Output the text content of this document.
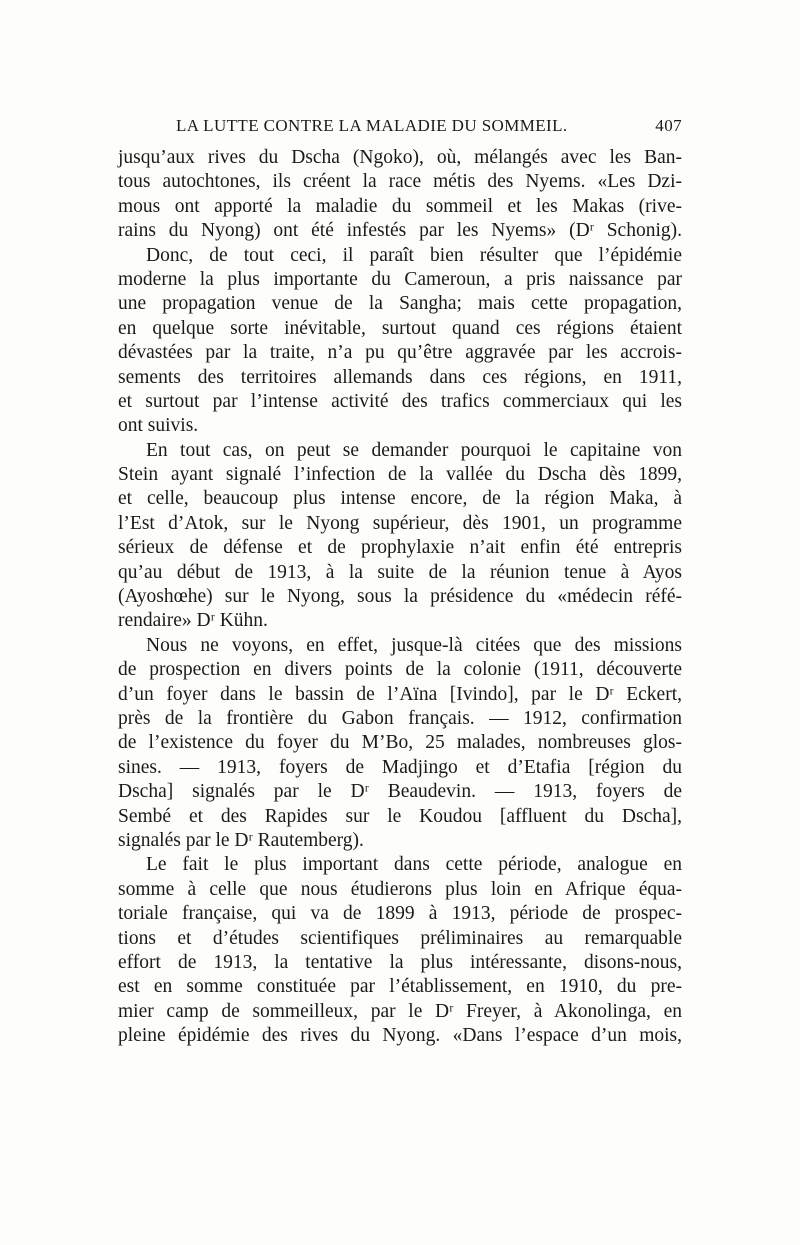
LA LUTTE CONTRE LA MALADIE DU SOMMEIL.	407
jusqu’aux rives du Dscha (Ngoko), où, mélangés avec les Ban-
tous autochtones, ils créent la race métis des Nyems. «Les Dzi-
mous ont apporté la maladie du sommeil et les Makas (rive-
rains du Nyong) ont été infestés par les Nyems» (Dʳ Schonig).
Donc, de tout ceci, il paraît bien résulter que l’épidémie
moderne la plus importante du Cameroun, a pris naissance par
une propagation venue de la Sangha; mais cette propagation,
en quelque sorte inévitable, surtout quand ces régions étaient
dévastées par la traite, n’a pu qu’être aggravée par les accrois-
sements des territoires allemands dans ces régions, en 1911,
et surtout par l’intense activité des trafics commerciaux qui les
ont suivis.
En tout cas, on peut se demander pourquoi le capitaine von
Stein ayant signalé l’infection de la vallée du Dscha dès 1899,
et celle, beaucoup plus intense encore, de la région Maka, à
l’Est d’Atok, sur le Nyong supérieur, dès 1901, un programme
sérieux de défense et de prophylaxie n’ait enfin été entrepris
qu’au début de 1913, à la suite de la réunion tenue à Ayos
(Ayoshœhe) sur le Nyong, sous la présidence du «médecin réfé-
rendaire» Dʳ Kühn.
Nous ne voyons, en effet, jusque-là citées que des missions
de prospection en divers points de la colonie (1911, découverte
d’un foyer dans le bassin de l’Aïna [Ivindo], par le Dʳ Eckert,
près de la frontière du Gabon français. — 1912, confirmation
de l’existence du foyer du M’Bo, 25 malades, nombreuses glos-
sines. — 1913, foyers de Madjingo et d’Etafia [région du
Dscha] signalés par le Dʳ Beaudevin. — 1913, foyers de
Sembé et des Rapides sur le Koudou [affluent du Dscha],
signalés par le Dʳ Rautemberg).
Le fait le plus important dans cette période, analogue en
somme à celle que nous étudierons plus loin en Afrique équa-
toriale française, qui va de 1899 à 1913, période de prospec-
tions et d’études scientifiques préliminaires au remarquable
effort de 1913, la tentative la plus intéressante, disons-nous,
est en somme constituée par l’établissement, en 1910, du pre-
mier camp de sommeilleux, par le Dʳ Freyer, à Akonolinga, en
pleine épidémie des rives du Nyong. «Dans l’espace d’un mois,
